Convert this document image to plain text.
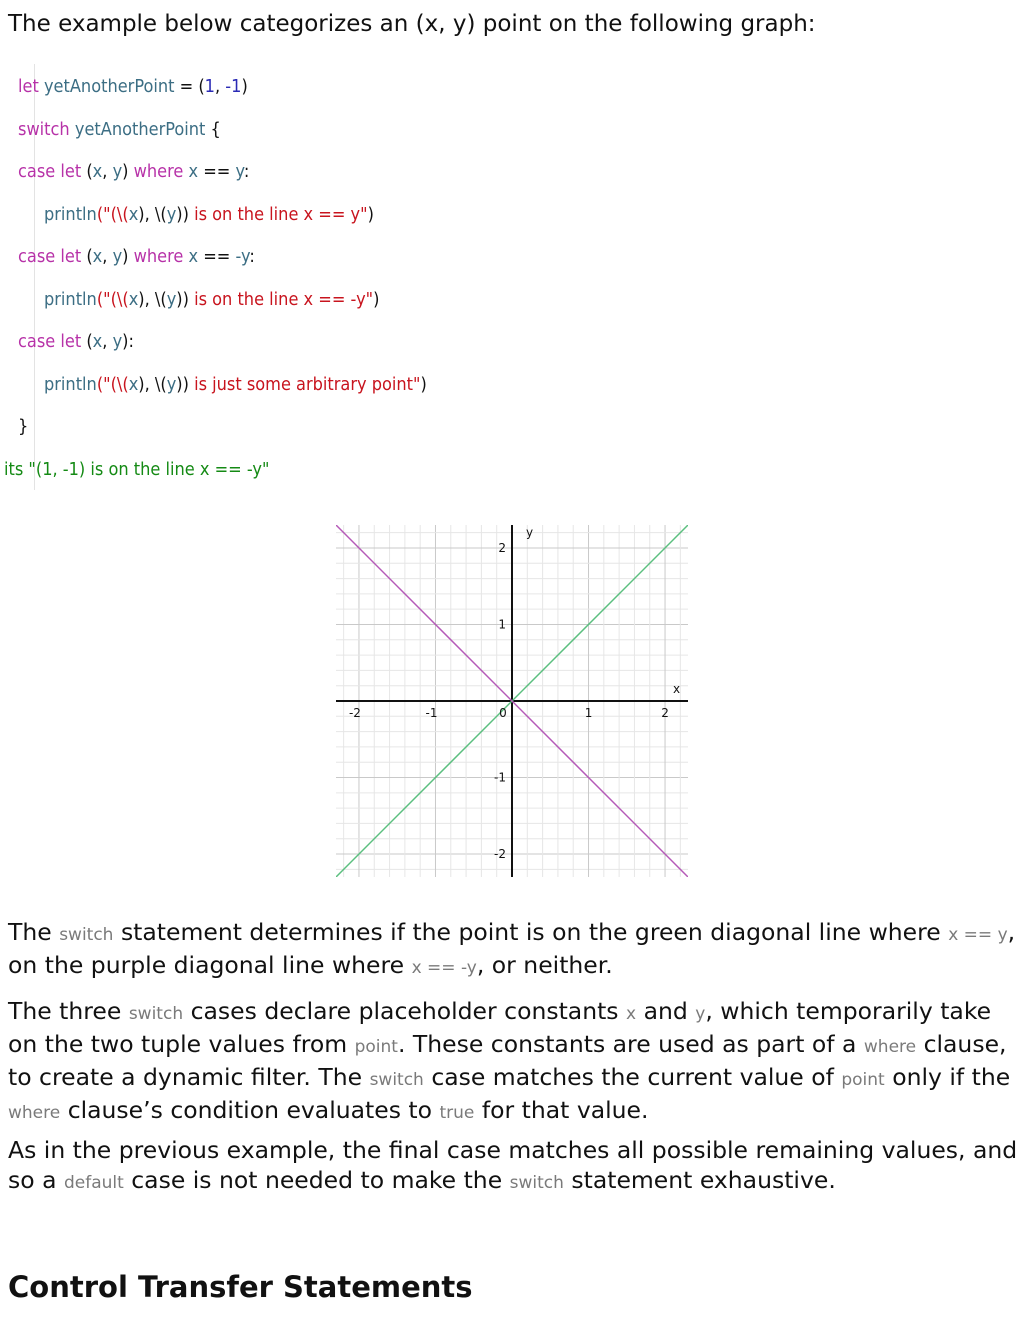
The example below categorizes an (x, y) point on the following graph:

let yetAnotherPoint = (1, -1)
switch yetAnotherPoint {
case let (x, y) where x == y:
println("(\(x), \(y)) is on the line x == y")
case let (x, y) where x == -y:
println("(\(x), \(y)) is on the line x == -y")
case let (x, y):
println("(\(x), \(y)) is just some arbitrary point")
}
its "(1, -1) is on the line x == -y"
-2	-1	0	1	2
2
1
-1
-2
x
y

The switch statement determines if the point is on the green diagonal line where x == y, on the purple diagonal line where x == -y, or neither.

The three switch cases declare placeholder constants x and y, which temporarily take on the two tuple values from point. These constants are used as part of a where clause, to create a dynamic filter. The switch case matches the current value of point only if the where clause’s condition evaluates to true for that value.

As in the previous example, the final case matches all possible remaining values, and so a default case is not needed to make the switch statement exhaustive.

Control Transfer Statements
